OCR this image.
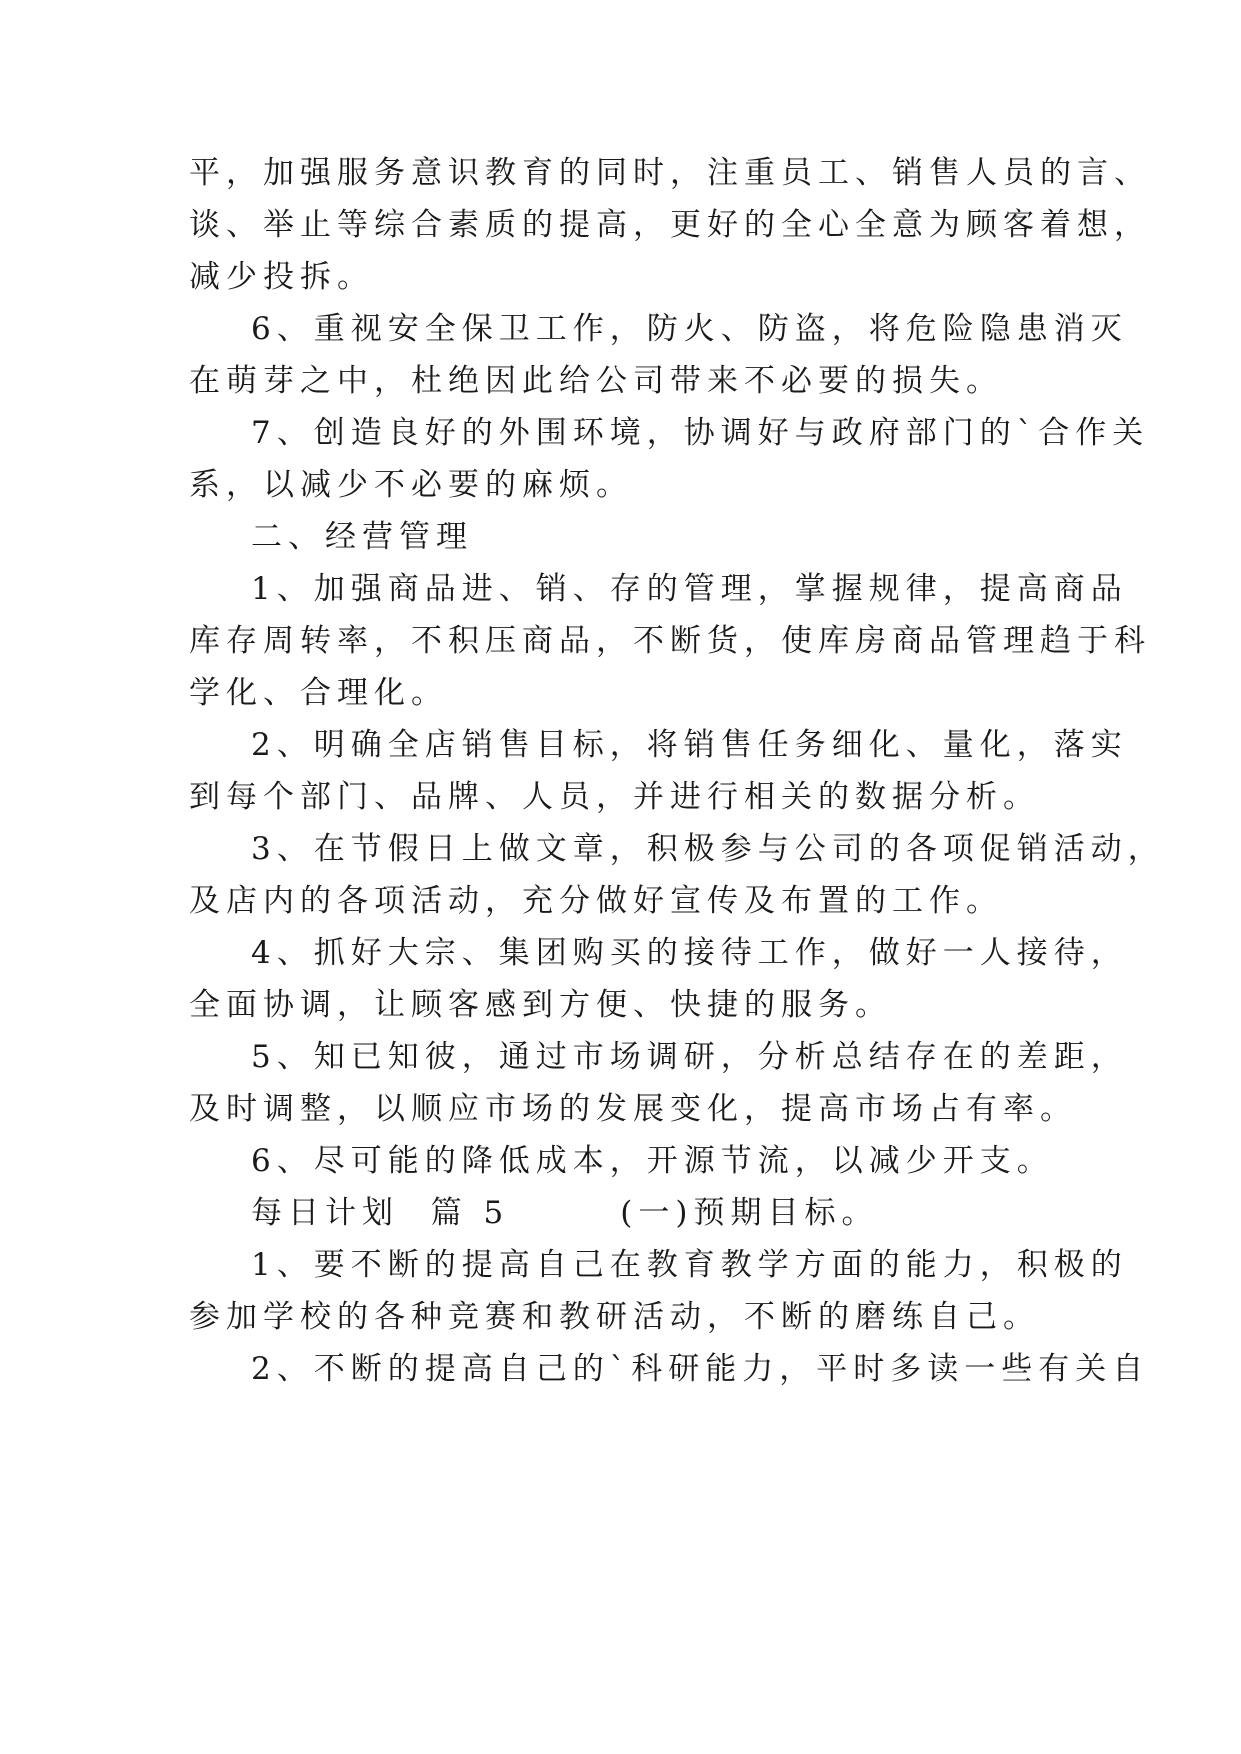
平，加强服务意识教育的同时，注重员工、销售人员的言、
谈、举止等综合素质的提高，更好的全心全意为顾客着想，
减少投拆。
6、重视安全保卫工作，防火、防盗，将危险隐患消灭
在萌芽之中，杜绝因此给公司带来不必要的损失。
7、创造良好的外围环境，协调好与政府部门的`合作关
系，以减少不必要的麻烦。
二、经营管理
1、加强商品进、销、存的管理，掌握规律，提高商品
库存周转率，不积压商品，不断货，使库房商品管理趋于科
学化、合理化。
2、明确全店销售目标，将销售任务细化、量化，落实
到每个部门、品牌、人员，并进行相关的数据分析。
3、在节假日上做文章，积极参与公司的各项促销活动，
及店内的各项活动，充分做好宣传及布置的工作。
4、抓好大宗、集团购买的接待工作，做好一人接待，
全面协调，让顾客感到方便、快捷的服务。
5、知已知彼，通过市场调研，分析总结存在的差距，
及时调整，以顺应市场的发展变化，提高市场占有率。
6、尽可能的降低成本，开源节流，以减少开支。
每日计划  篇 5       (一)预期目标。
1、要不断的提高自己在教育教学方面的能力，积极的
参加学校的各种竞赛和教研活动，不断的磨练自己。
2、不断的提高自己的`科研能力，平时多读一些有关自
